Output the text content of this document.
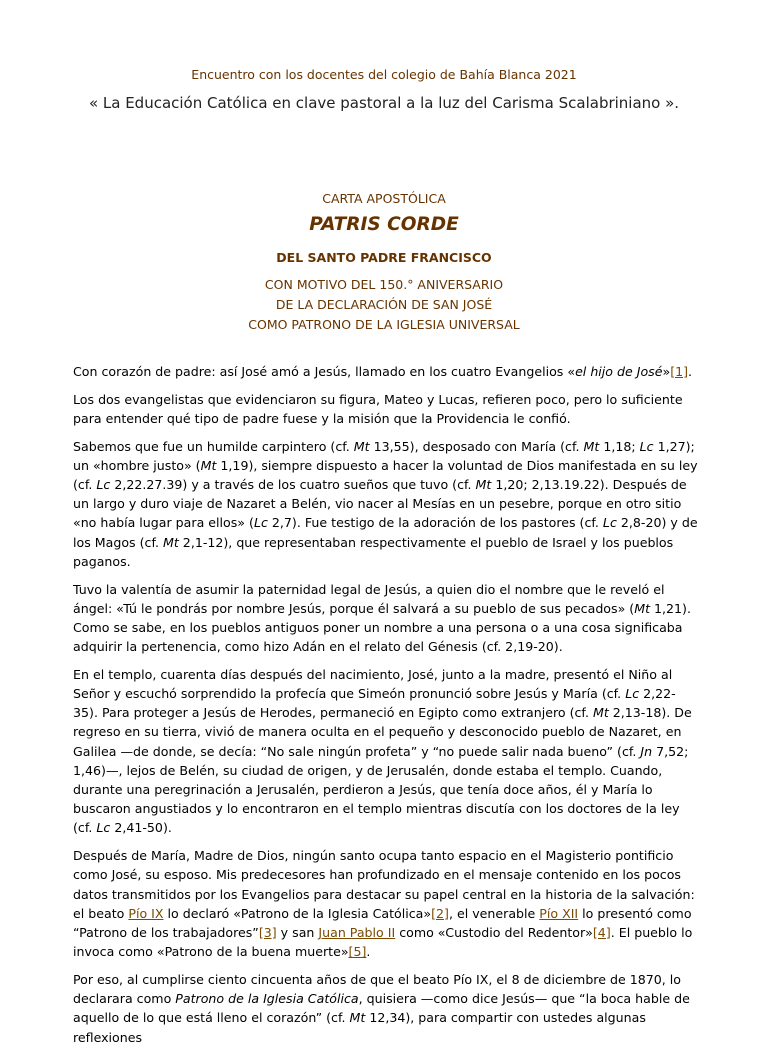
Encuentro con los docentes del colegio de Bahía Blanca 2021
« La Educación Católica en clave pastoral a la luz del Carisma Scalabriniano ».
CARTA APOSTÓLICA
PATRIS CORDE
DEL SANTO PADRE FRANCISCO
CON MOTIVO DEL 150.° ANIVERSARIO
DE LA DECLARACIÓN DE SAN JOSÉ
COMO PATRONO DE LA IGLESIA UNIVERSAL

Con corazón de padre: así José amó a Jesús, llamado en los cuatro Evangelios «el hijo de José»[1].

Los dos evangelistas que evidenciaron su figura, Mateo y Lucas, refieren poco, pero lo suficiente para entender qué tipo de padre fuese y la misión que la Providencia le confió.

Sabemos que fue un humilde carpintero (cf. Mt 13,55), desposado con María (cf. Mt 1,18; Lc 1,27); un «hombre justo» (Mt 1,19), siempre dispuesto a hacer la voluntad de Dios manifestada en su ley (cf. Lc 2,22.27.39) y a través de los cuatro sueños que tuvo (cf. Mt 1,20; 2,13.19.22). Después de un largo y duro viaje de Nazaret a Belén, vio nacer al Mesías en un pesebre, porque en otro sitio «no había lugar para ellos» (Lc 2,7). Fue testigo de la adoración de los pastores (cf. Lc 2,8-20) y de los Magos (cf. Mt 2,1-12), que representaban respectivamente el pueblo de Israel y los pueblos paganos.

Tuvo la valentía de asumir la paternidad legal de Jesús, a quien dio el nombre que le reveló el ángel: «Tú le pondrás por nombre Jesús, porque él salvará a su pueblo de sus pecados» (Mt 1,21). Como se sabe, en los pueblos antiguos poner un nombre a una persona o a una cosa significaba adquirir la pertenencia, como hizo Adán en el relato del Génesis (cf. 2,19-20).

En el templo, cuarenta días después del nacimiento, José, junto a la madre, presentó el Niño al Señor y escuchó sorprendido la profecía que Simeón pronunció sobre Jesús y María (cf. Lc 2,22-35). Para proteger a Jesús de Herodes, permaneció en Egipto como extranjero (cf. Mt 2,13-18). De regreso en su tierra, vivió de manera oculta en el pequeño y desconocido pueblo de Nazaret, en Galilea —de donde, se decía: “No sale ningún profeta” y “no puede salir nada bueno” (cf. Jn 7,52; 1,46)—, lejos de Belén, su ciudad de origen, y de Jerusalén, donde estaba el templo. Cuando, durante una peregrinación a Jerusalén, perdieron a Jesús, que tenía doce años, él y María lo buscaron angustiados y lo encontraron en el templo mientras discutía con los doctores de la ley (cf. Lc 2,41-50).

Después de María, Madre de Dios, ningún santo ocupa tanto espacio en el Magisterio pontificio como José, su esposo. Mis predecesores han profundizado en el mensaje contenido en los pocos datos transmitidos por los Evangelios para destacar su papel central en la historia de la salvación: el beato Pío IX lo declaró «Patrono de la Iglesia Católica»[2], el venerable Pío XII lo presentó como “Patrono de los trabajadores”[3] y san Juan Pablo II como «Custodio del Redentor»[4]. El pueblo lo invoca como «Patrono de la buena muerte»[5].

Por eso, al cumplirse ciento cincuenta años de que el beato Pío IX, el 8 de diciembre de 1870, lo declarara como Patrono de la Iglesia Católica, quisiera —como dice Jesús— que “la boca hable de aquello de lo que está lleno el corazón” (cf. Mt 12,34), para compartir con ustedes algunas reflexiones
